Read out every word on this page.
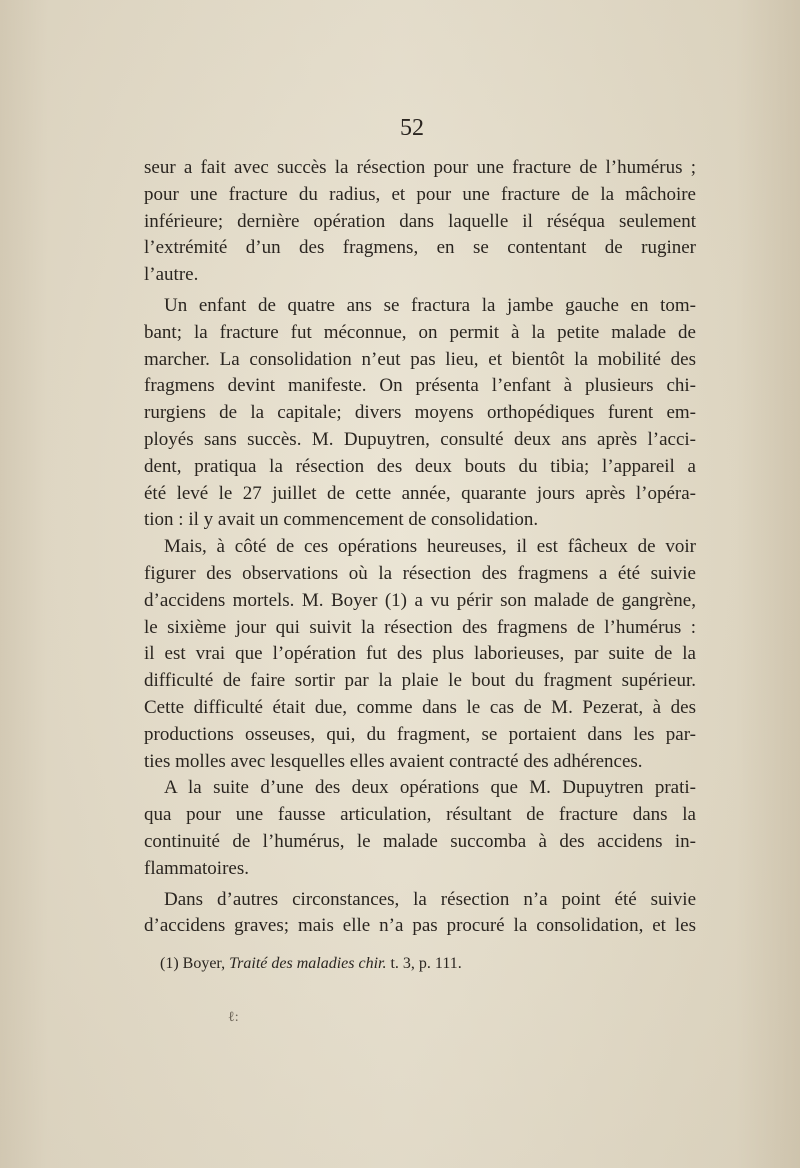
52
seur a fait avec succès la résection pour une fracture de l’humérus ;
pour une fracture du radius, et pour une fracture de la mâchoire
inférieure; dernière opération dans laquelle il réséqua seulement
l’extrémité d’un des fragmens, en se contentant de ruginer
l’autre.
Un enfant de quatre ans se fractura la jambe gauche en tom-
bant; la fracture fut méconnue, on permit à la petite malade de
marcher. La consolidation n’eut pas lieu, et bientôt la mobilité des
fragmens devint manifeste. On présenta l’enfant à plusieurs chi-
rurgiens de la capitale; divers moyens orthopédiques furent em-
ployés sans succès. M. Dupuytren, consulté deux ans après l’acci-
dent, pratiqua la résection des deux bouts du tibia; l’appareil a
été levé le 27 juillet de cette année, quarante jours après l’opéra-
tion : il y avait un commencement de consolidation.
Mais, à côté de ces opérations heureuses, il est fâcheux de voir
figurer des observations où la résection des fragmens a été suivie
d’accidens mortels. M. Boyer (1) a vu périr son malade de gangrène,
le sixième jour qui suivit la résection des fragmens de l’humérus :
il est vrai que l’opération fut des plus laborieuses, par suite de la
difficulté de faire sortir par la plaie le bout du fragment supérieur.
Cette difficulté était due, comme dans le cas de M. Pezerat, à des
productions osseuses, qui, du fragment, se portaient dans les par-
ties molles avec lesquelles elles avaient contracté des adhérences.
A la suite d’une des deux opérations que M. Dupuytren prati-
qua pour une fausse articulation, résultant de fracture dans la
continuité de l’humérus, le malade succomba à des accidens in-
flammatoires.
Dans d’autres circonstances, la résection n’a point été suivie
d’accidens graves; mais elle n’a pas procuré la consolidation, et les
(1) Boyer, Traité des maladies chir. t. 3, p. 111.
ℓ:
